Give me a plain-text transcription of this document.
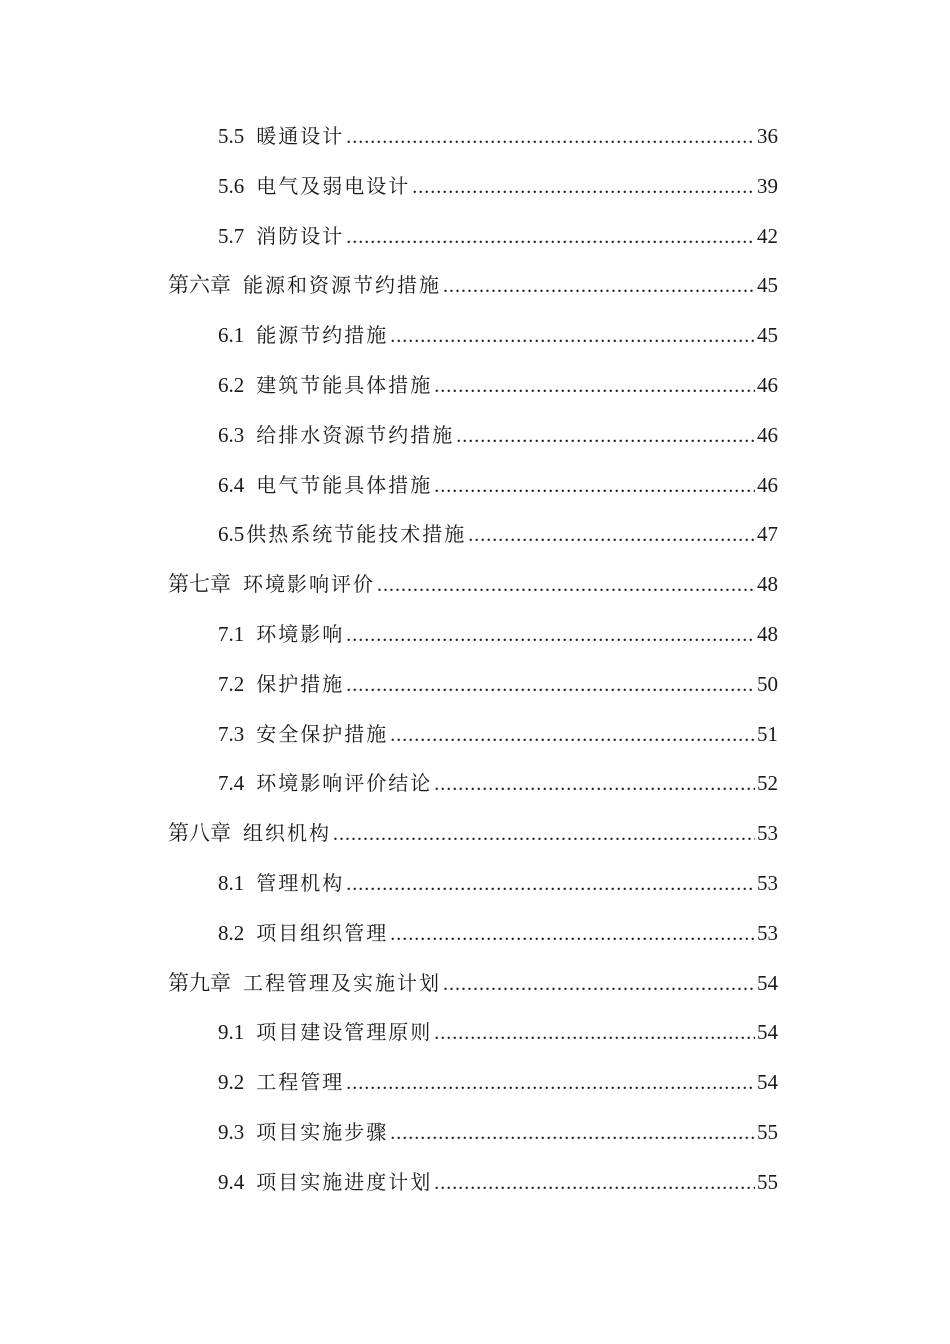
5.5 暖通设计 .....	36
5.6 电气及弱电设计 .....	39
5.7 消防设计 .....	42
第六章 能源和资源节约措施 .....	45
6.1 能源节约措施 .....	45
6.2 建筑节能具体措施 .....	46
6.3 给排水资源节约措施 .....	46
6.4 电气节能具体措施 .....	46
6.5 供热系统节能技术措施 .....	47
第七章 环境影响评价 .....	48
7.1 环境影响 .....	48
7.2 保护措施 .....	50
7.3 安全保护措施 .....	51
7.4 环境影响评价结论 .....	52
第八章 组织机构 .....	53
8.1 管理机构 .....	53
8.2 项目组织管理 .....	53
第九章 工程管理及实施计划 .....	54
9.1 项目建设管理原则 .....	54
9.2 工程管理 .....	54
9.3 项目实施步骤 .....	55
9.4 项目实施进度计划 .....	55
